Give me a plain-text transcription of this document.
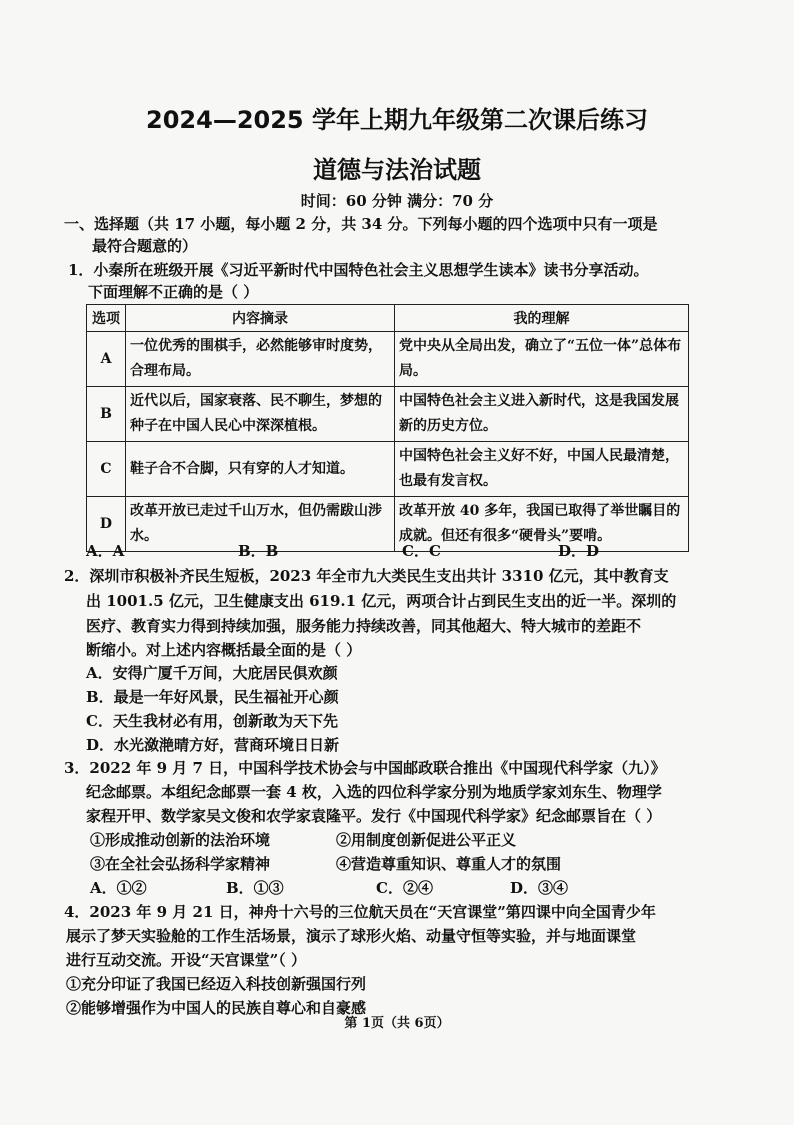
2024—2025 学年上期九年级第二次课后练习
道德与法治试题
时间：60 分钟 满分：70 分
一、选择题（共 17 小题，每小题 2 分，共 34 分。下列每小题的四个选项中只有一项是
最符合题意的）
1．小秦所在班级开展《习近平新时代中国特色社会主义思想学生读本》读书分享活动。
下面理解不正确的是（ ）
选项	内容摘录	我的理解
A	一位优秀的围棋手，必然能够审时度势，合理布局。	党中央从全局出发，确立了“五位一体”总体布局。
B	近代以后，国家衰落、民不聊生，梦想的种子在中国人民心中深深植根。	中国特色社会主义进入新时代，这是我国发展新的历史方位。
C	鞋子合不合脚，只有穿的人才知道。	中国特色社会主义好不好，中国人民最清楚，也最有发言权。
D	改革开放已走过千山万水，但仍需跋山涉水。	改革开放 40 多年，我国已取得了举世瞩目的成就。但还有很多“硬骨头”要啃。
A．A	B．B	C．C	D．D
2．深圳市积极补齐民生短板，2023 年全市九大类民生支出共计 3310 亿元，其中教育支
出 1001.5 亿元，卫生健康支出 619.1 亿元，两项合计占到民生支出的近一半。深圳的
医疗、教育实力得到持续加强，服务能力持续改善，同其他超大、特大城市的差距不
断缩小。对上述内容概括最全面的是（ ）
A．安得广厦千万间，大庇居民俱欢颜
B．最是一年好风景，民生福祉开心颜
C．天生我材必有用，创新敢为天下先
D．水光潋滟晴方好，营商环境日日新
3．2022 年 9 月 7 日，中国科学技术协会与中国邮政联合推出《中国现代科学家（九）》
纪念邮票。本组纪念邮票一套 4 枚，入选的四位科学家分别为地质学家刘东生、物理学
家程开甲、数学家吴文俊和农学家袁隆平。发行《中国现代科学家》纪念邮票旨在（ ）
①形成推动创新的法治环境	②用制度创新促进公平正义
③在全社会弘扬科学家精神	④营造尊重知识、尊重人才的氛围
A．①②	B．①③	C．②④	D．③④
4．2023 年 9 月 21 日，神舟十六号的三位航天员在“天宫课堂”第四课中向全国青少年
展示了梦天实验舱的工作生活场景，演示了球形火焰、动量守恒等实验，并与地面课堂
进行互动交流。开设“天宫课堂”（ ）
①充分印证了我国已经迈入科技创新强国行列
②能够增强作为中国人的民族自尊心和自豪感
第 1页（共 6页）
